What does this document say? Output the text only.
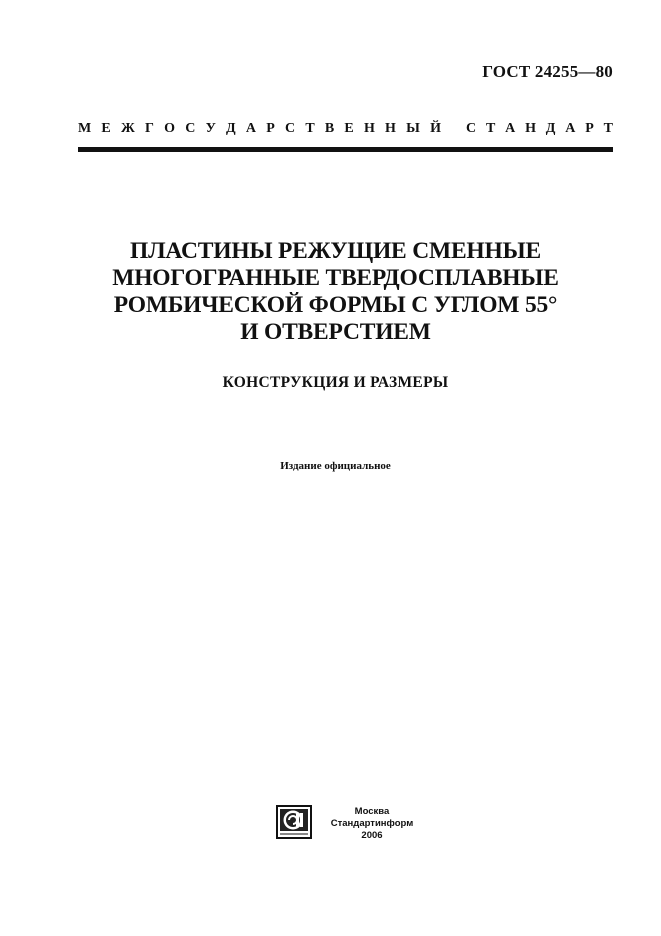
ГОСТ 24255—80
М Е Ж Г О С У Д А Р С Т В Е Н Н Ы Й С Т А Н Д А Р Т
ПЛАСТИНЫ РЕЖУЩИЕ СМЕННЫЕ
МНОГОГРАННЫЕ ТВЕРДОСПЛАВНЫЕ
РОМБИЧЕСКОЙ ФОРМЫ С УГЛОМ 55°
И ОТВЕРСТИЕМ
КОНСТРУКЦИЯ И РАЗМЕРЫ
Издание официальное
Москва
Стандартинформ
2006
